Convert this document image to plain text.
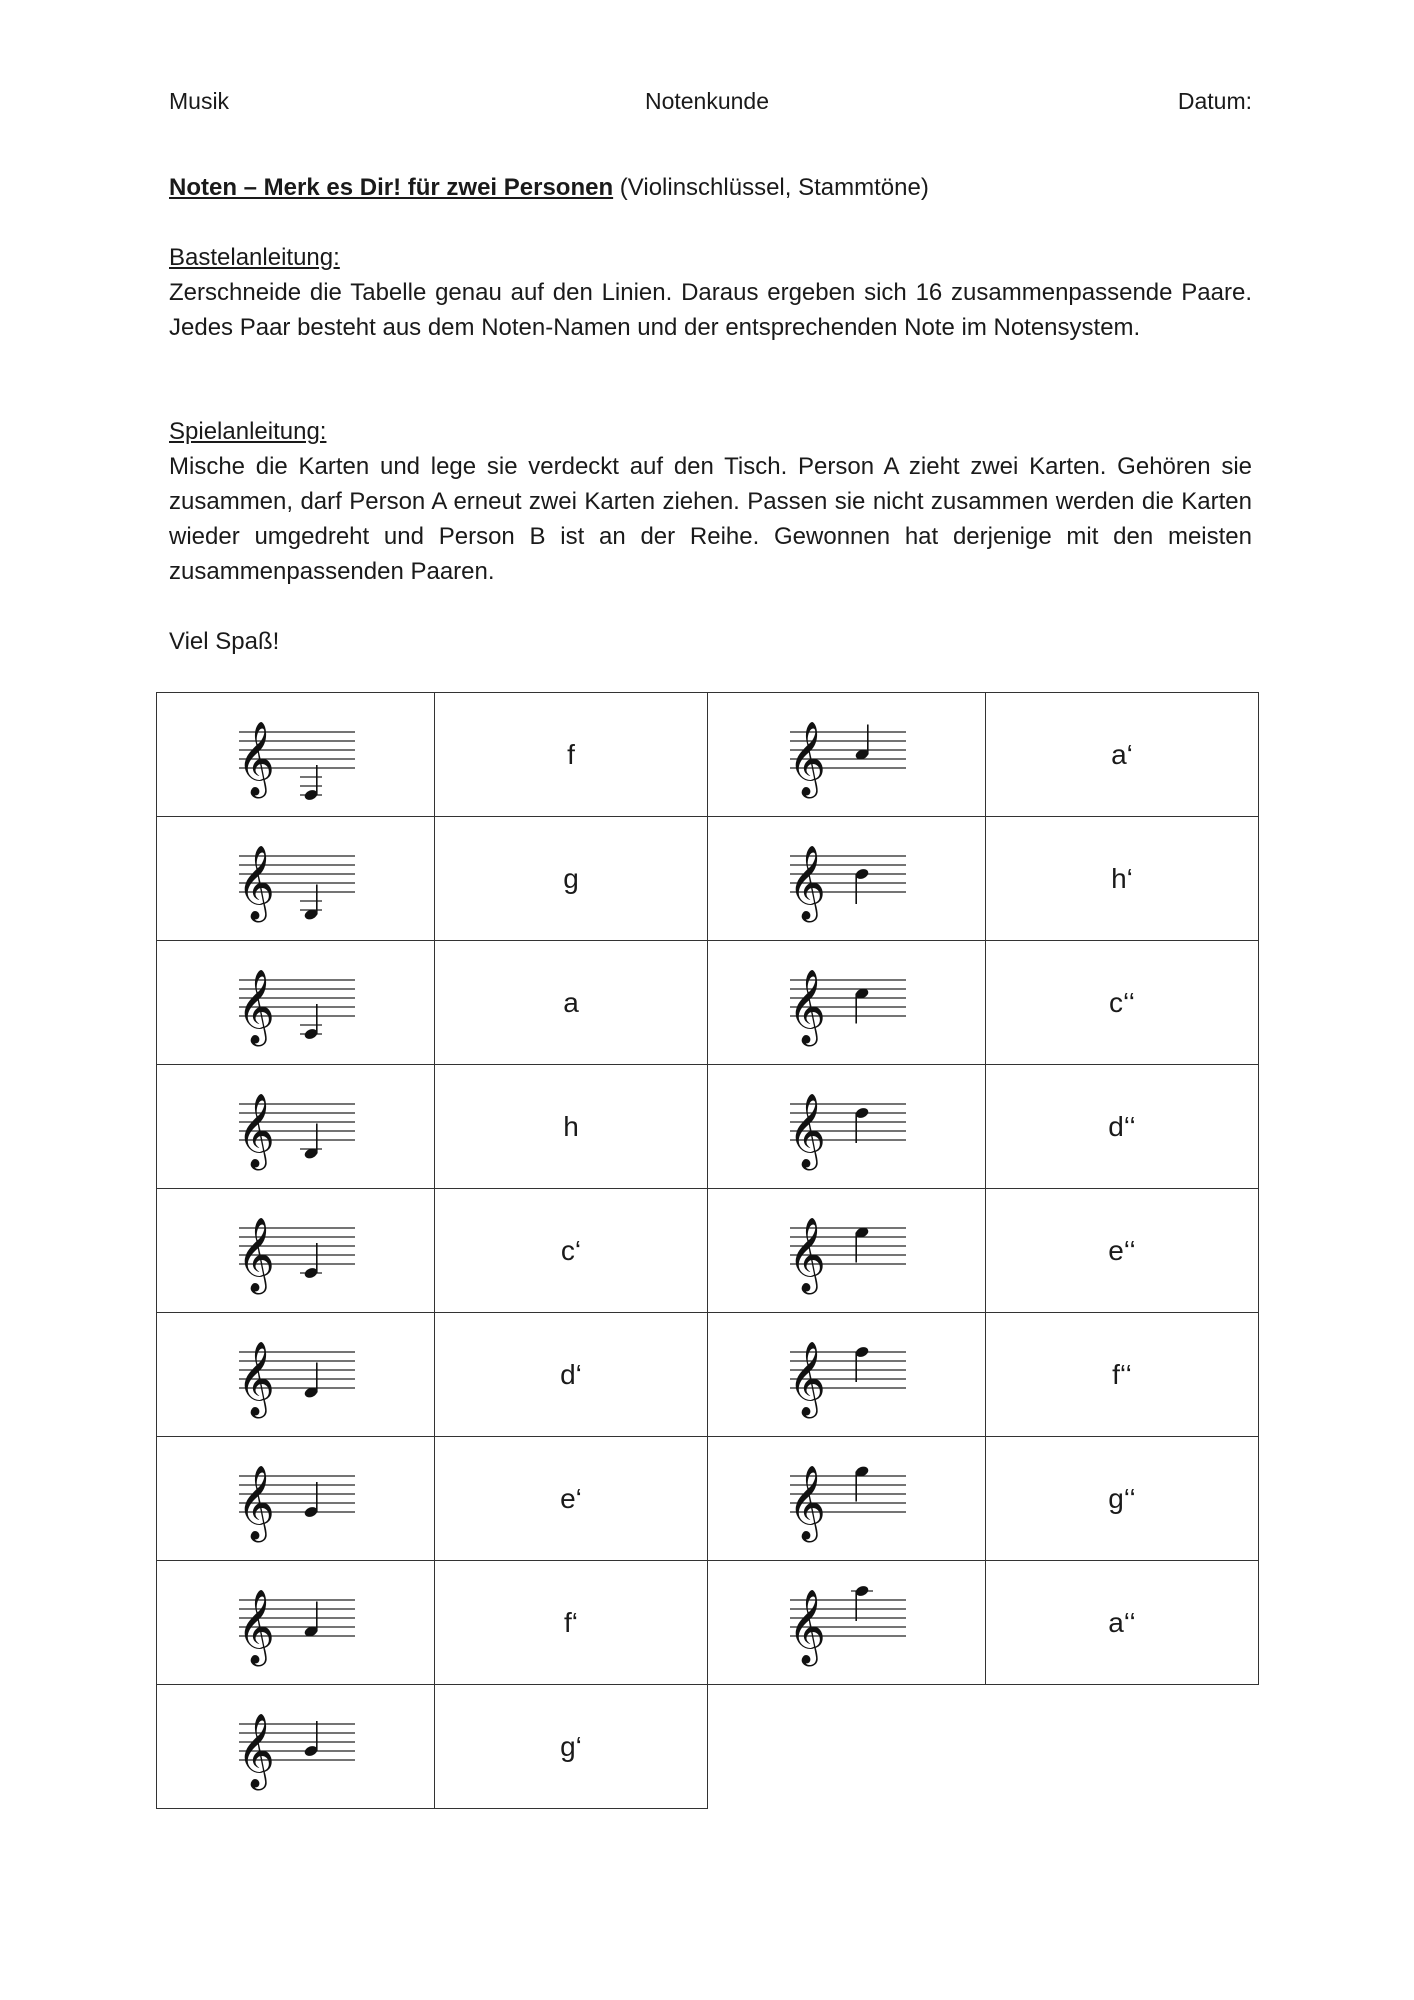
Musik	Notenkunde	Datum:
Noten – Merk es Dir! für zwei Personen (Violinschlüssel, Stammtöne)
Bastelanleitung:
Zerschneide die Tabelle genau auf den Linien. Daraus ergeben sich 16 zusammenpassende Paare. Jedes Paar besteht aus dem Noten-Namen und der entsprechenden Note im Notensystem.
Spielanleitung:
Mische die Karten und lege sie verdeckt auf den Tisch. Person A zieht zwei Karten. Gehören sie zusammen, darf Person A erneut zwei Karten ziehen. Passen sie nicht zusammen werden die Karten wieder umgedreht und Person B ist an der Reihe. Gewonnen hat derjenige mit den meisten zusammenpassenden Paaren.
Viel Spaß!
𝄞	f	𝄞	a‘

𝄞	g	𝄞	h‘

𝄞	a	𝄞	c‘‘

𝄞	h	𝄞	d‘‘

𝄞	c‘	𝄞	e‘‘

𝄞	d‘	𝄞	f‘‘

𝄞	e‘	𝄞	g‘‘

𝄞	f‘	𝄞	a‘‘

𝄞	g‘		
